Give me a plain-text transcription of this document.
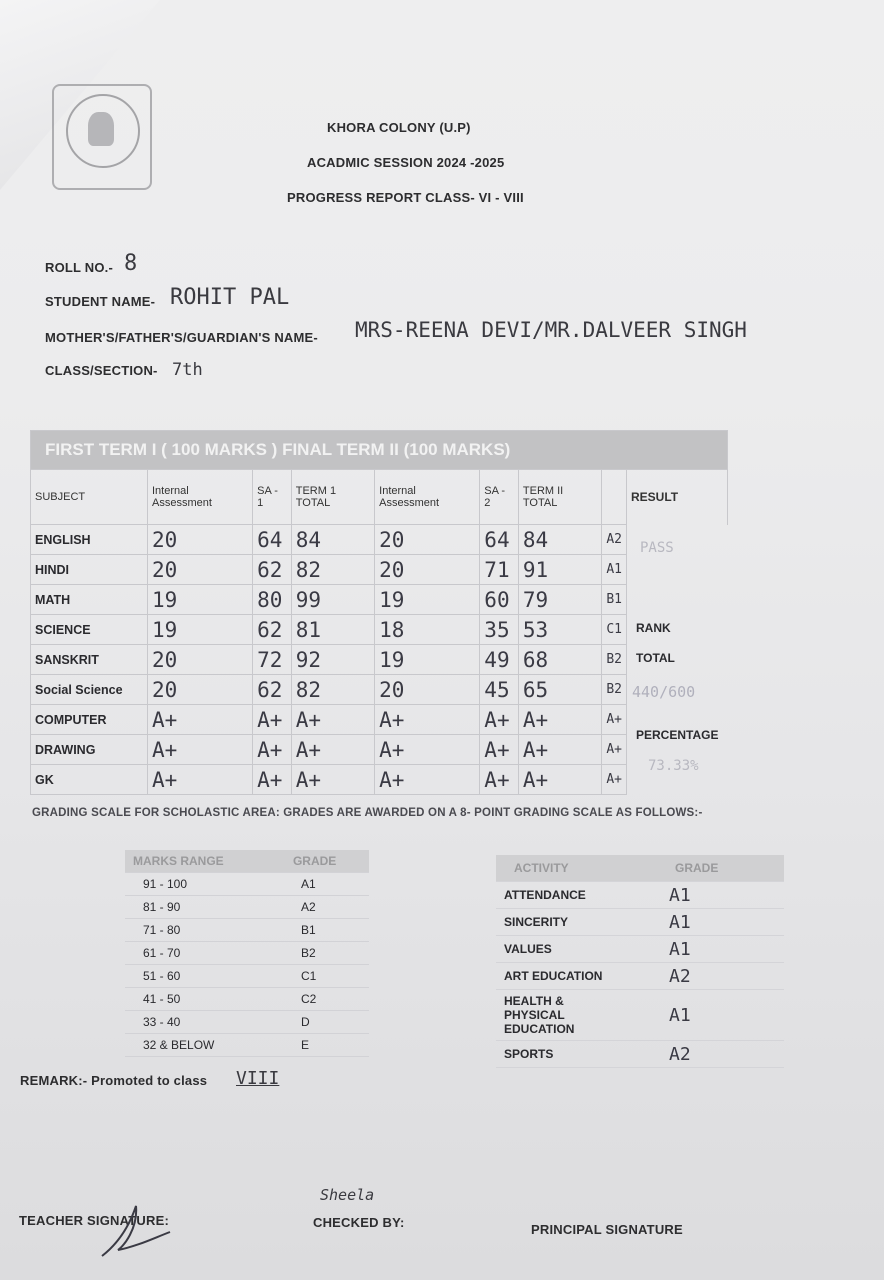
KHORA COLONY (U.P)
ACADMIC SESSION 2024 -2025
PROGRESS REPORT CLASS- VI - VIII
ROLL NO.- 8
STUDENT NAME- ROHIT PAL
MOTHER'S/FATHER'S/GUARDIAN'S NAME- MRS-REENA DEVI/MR.DALVEER SINGH
CLASS/SECTION- 7th
FIRST TERM I ( 100 MARKS ) FINAL TERM II (100 MARKS)								
SUBJECT	Internal Assessment	SA - 1	TERM 1 TOTAL	Internal Assessment	SA - 2	TERM II TOTAL		RESULT
ENGLISH	20	64	84	20	64	84	A2	
HINDI	20	62	82	20	71	91	A1	
MATH	19	80	99	19	60	79	B1	
SCIENCE	19	62	81	18	35	53	C1	
SANSKRIT	20	72	92	19	49	68	B2	
Social Science	20	62	82	20	45	65	B2	
COMPUTER	A+	A+	A+	A+	A+	A+	A+	
DRAWING	A+	A+	A+	A+	A+	A+	A+	
GK	A+	A+	A+	A+	A+	A+	A+	
PASS
RANK
TOTAL
440/600
PERCENTAGE
73.33%
GRADING SCALE FOR SCHOLASTIC AREA: GRADES ARE AWARDED ON A 8- POINT GRADING SCALE AS FOLLOWS:-
MARKS RANGE	GRADE
91 - 100	A1
81 - 90	A2
71 - 80	B1
61 - 70	B2
51 - 60	C1
41 - 50	C2
33 - 40	D
32 & BELOW	E
ACTIVITY	GRADE
ATTENDANCE	A1
SINCERITY	A1
VALUES	A1
ART EDUCATION	A2
HEALTH & PHYSICAL EDUCATION	A1
SPORTS	A2
REMARK:- Promoted to class VIII
TEACHER SIGNATURE:
Sheela
CHECKED BY:	PRINCIPAL SIGNATURE
